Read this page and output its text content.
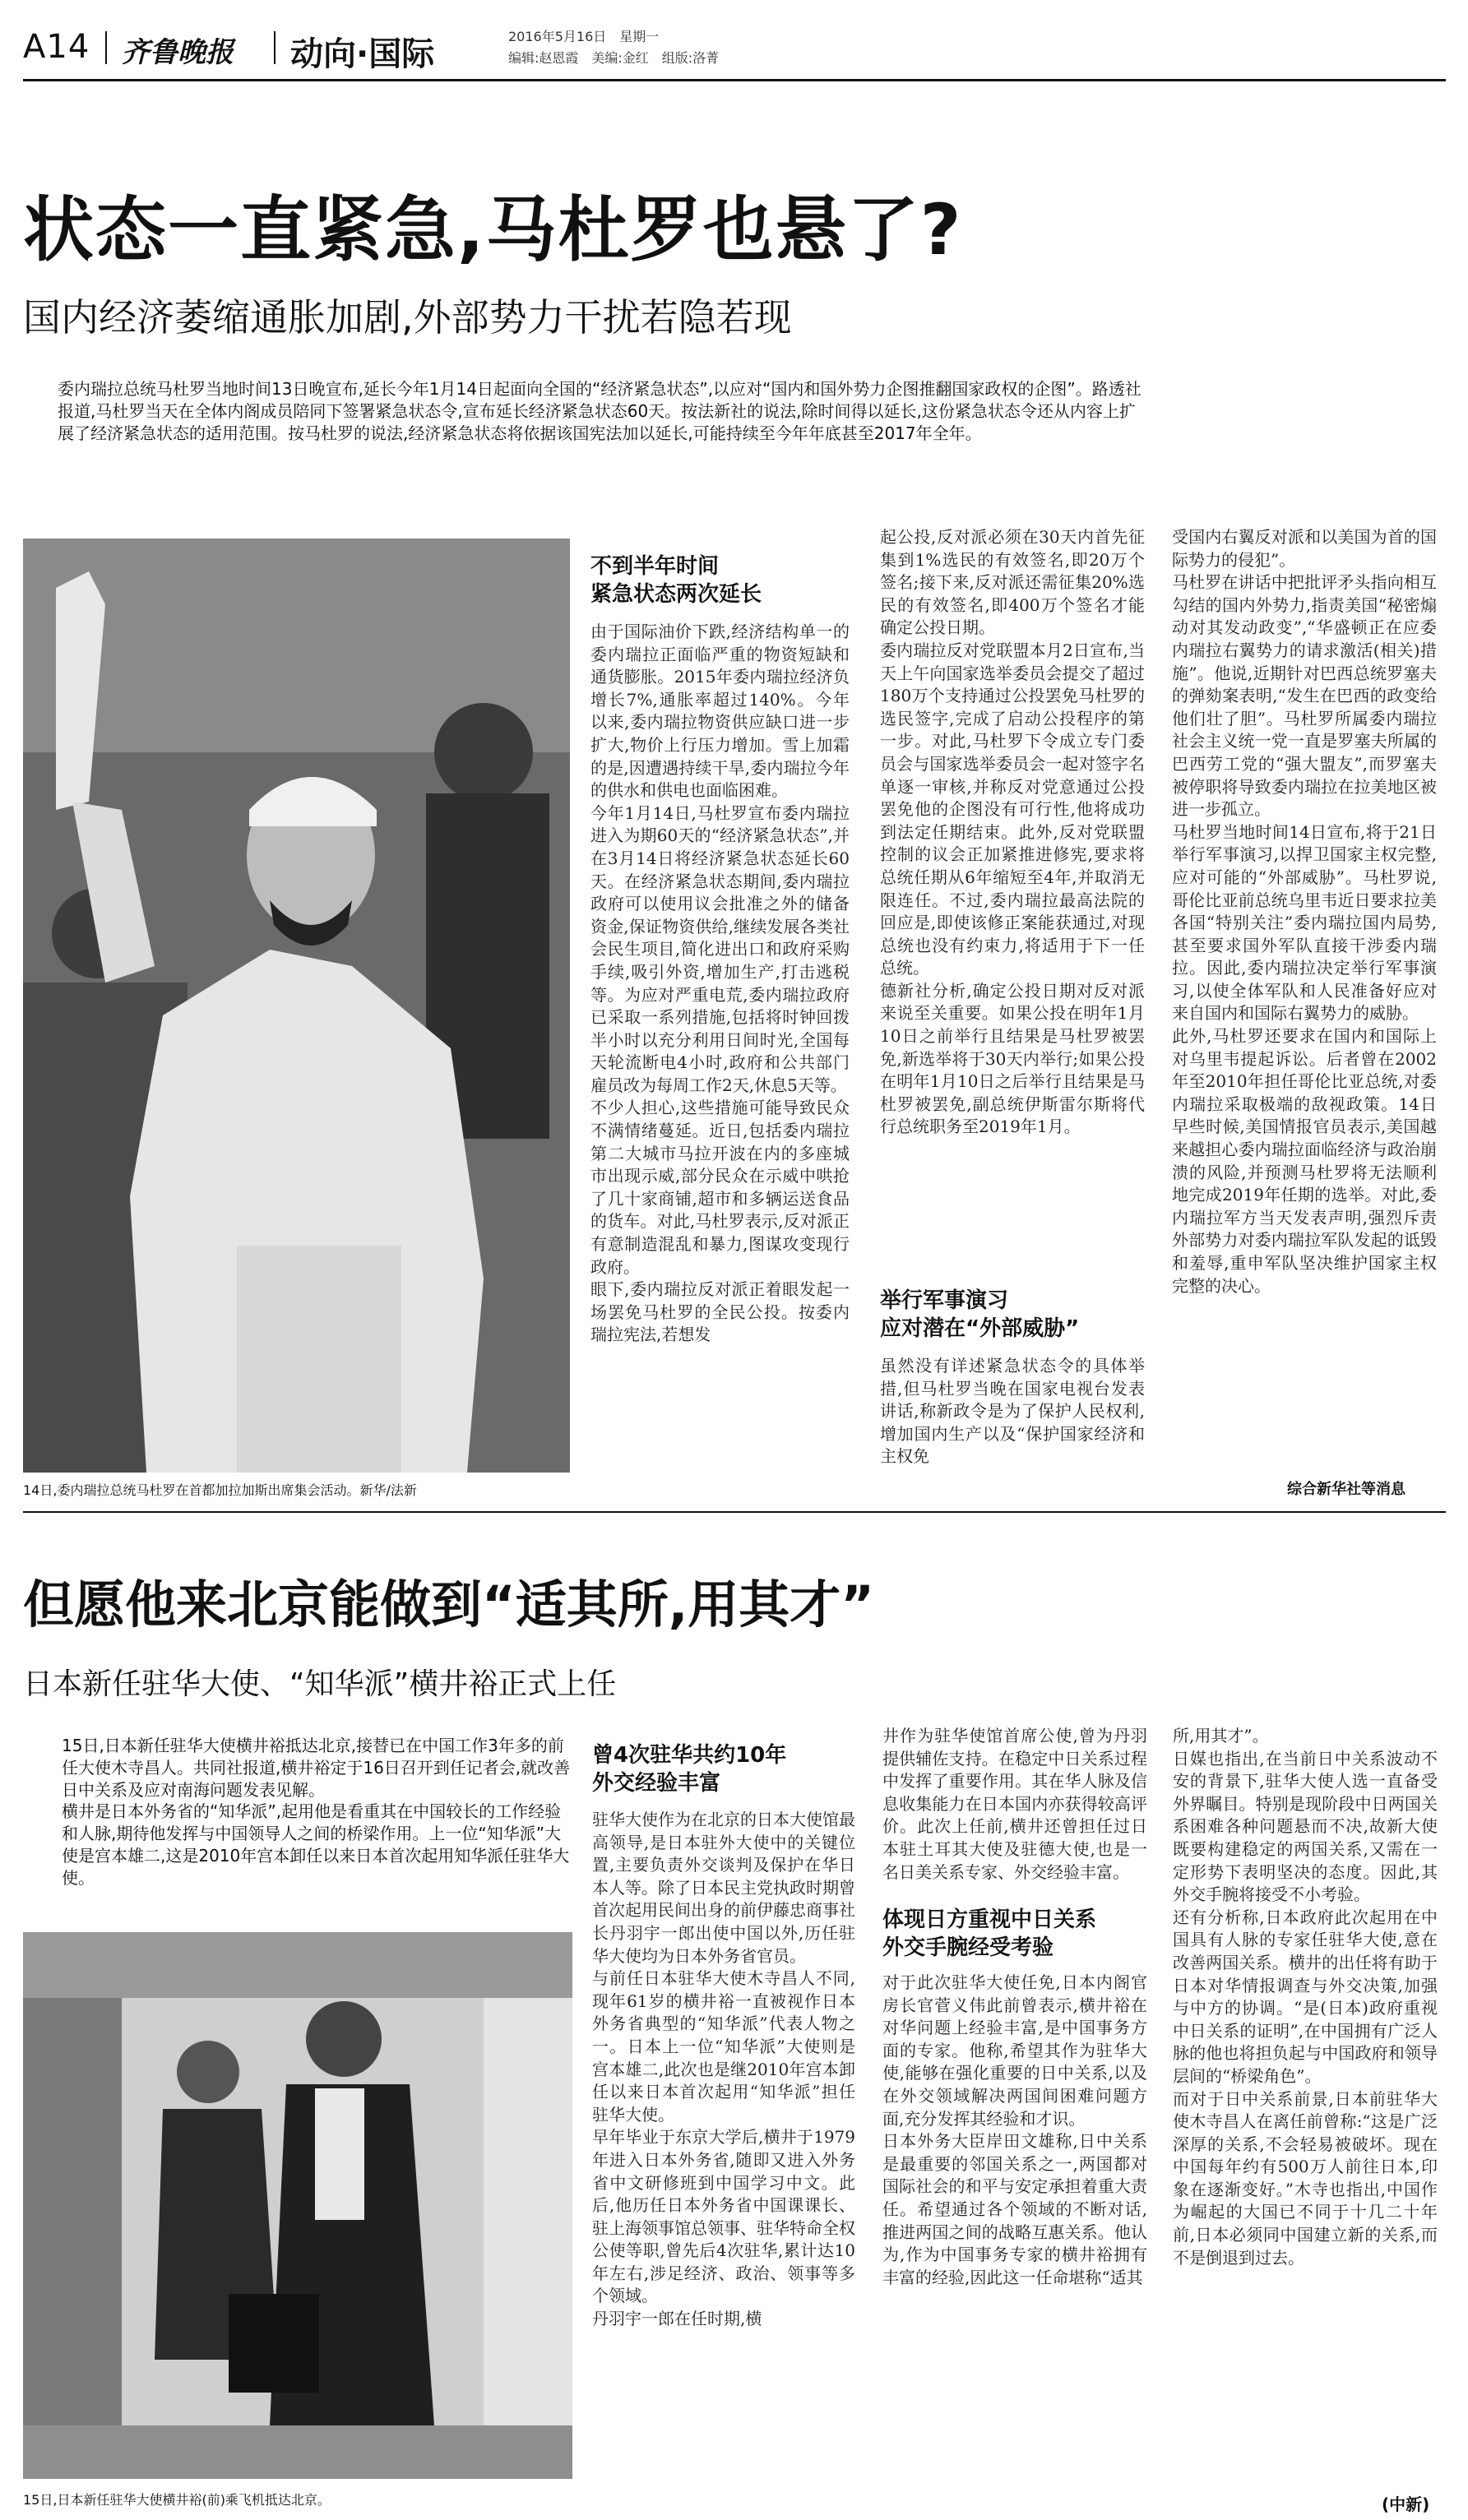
A14 齐鲁晚报 动向·国际	2016年5月16日　星期一
编辑:赵恩霞　美编:金红　组版:洛菁
状态一直紧急,马杜罗也悬了?
国内经济萎缩通胀加剧,外部势力干扰若隐若现
委内瑞拉总统马杜罗当地时间13日晚宣布,延长今年1月14日起面向全国的“经济紧急状态”,以应对“国内和国外势力企图推翻国家政权的企图”。路透社报道,马杜罗当天在全体内阁成员陪同下签署紧急状态令,宣布延长经济紧急状态60天。按法新社的说法,除时间得以延长,这份紧急状态令还从内容上扩展了经济紧急状态的适用范围。按马杜罗的说法,经济紧急状态将依据该国宪法加以延长,可能持续至今年年底甚至2017年全年。
14日,委内瑞拉总统马杜罗在首都加拉加斯出席集会活动。新华/法新
不到半年时间
紧急状态两次延长
由于国际油价下跌,经济结构单一的委内瑞拉正面临严重的物资短缺和通货膨胀。2015年委内瑞拉经济负增长7%,通胀率超过140%。今年以来,委内瑞拉物资供应缺口进一步扩大,物价上行压力增加。雪上加霜的是,因遭遇持续干旱,委内瑞拉今年的供水和供电也面临困难。
今年1月14日,马杜罗宣布委内瑞拉进入为期60天的“经济紧急状态”,并在3月14日将经济紧急状态延长60天。在经济紧急状态期间,委内瑞拉政府可以使用议会批准之外的储备资金,保证物资供给,继续发展各类社会民生项目,简化进出口和政府采购手续,吸引外资,增加生产,打击逃税等。为应对严重电荒,委内瑞拉政府已采取一系列措施,包括将时钟回拨半小时以充分利用日间时光,全国每天轮流断电4小时,政府和公共部门雇员改为每周工作2天,休息5天等。
不少人担心,这些措施可能导致民众不满情绪蔓延。近日,包括委内瑞拉第二大城市马拉开波在内的多座城市出现示威,部分民众在示威中哄抢了几十家商铺,超市和多辆运送食品的货车。对此,马杜罗表示,反对派正有意制造混乱和暴力,图谋攻变现行政府。
眼下,委内瑞拉反对派正着眼发起一场罢免马杜罗的全民公投。按委内瑞拉宪法,若想发
起公投,反对派必须在30天内首先征集到1%选民的有效签名,即20万个签名;接下来,反对派还需征集20%选民的有效签名,即400万个签名才能确定公投日期。
委内瑞拉反对党联盟本月2日宣布,当天上午向国家选举委员会提交了超过180万个支持通过公投罢免马杜罗的选民签字,完成了启动公投程序的第一步。对此,马杜罗下令成立专门委员会与国家选举委员会一起对签字名单逐一审核,并称反对党意通过公投罢免他的企图没有可行性,他将成功到法定任期结束。此外,反对党联盟控制的议会正加紧推进修宪,要求将总统任期从6年缩短至4年,并取消无限连任。不过,委内瑞拉最高法院的回应是,即使该修正案能获通过,对现总统也没有约束力,将适用于下一任总统。
德新社分析,确定公投日期对反对派来说至关重要。如果公投在明年1月10日之前举行且结果是马杜罗被罢免,新选举将于30天内举行;如果公投在明年1月10日之后举行且结果是马杜罗被罢免,副总统伊斯雷尔斯将代行总统职务至2019年1月。
举行军事演习
应对潜在“外部威胁”
虽然没有详述紧急状态令的具体举措,但马杜罗当晚在国家电视台发表讲话,称新政令是为了保护人民权利,增加国内生产以及“保护国家经济和主权免
受国内右翼反对派和以美国为首的国际势力的侵犯”。
马杜罗在讲话中把批评矛头指向相互勾结的国内外势力,指责美国“秘密煽动对其发动政变”,“华盛顿正在应委内瑞拉右翼势力的请求激活(相关)措施”。他说,近期针对巴西总统罗塞夫的弹劾案表明,“发生在巴西的政变给他们壮了胆”。马杜罗所属委内瑞拉社会主义统一党一直是罗塞夫所属的巴西劳工党的“强大盟友”,而罗塞夫被停职将导致委内瑞拉在拉美地区被进一步孤立。
马杜罗当地时间14日宣布,将于21日举行军事演习,以捍卫国家主权完整,应对可能的“外部威胁”。马杜罗说,哥伦比亚前总统乌里韦近日要求拉美各国“特别关注”委内瑞拉国内局势,甚至要求国外军队直接干涉委内瑞拉。因此,委内瑞拉决定举行军事演习,以使全体军队和人民准备好应对来自国内和国际右翼势力的威胁。
此外,马杜罗还要求在国内和国际上对乌里韦提起诉讼。后者曾在2002年至2010年担任哥伦比亚总统,对委内瑞拉采取极端的敌视政策。14日早些时候,美国情报官员表示,美国越来越担心委内瑞拉面临经济与政治崩溃的风险,并预测马杜罗将无法顺利地完成2019年任期的选举。对此,委内瑞拉军方当天发表声明,强烈斥责外部势力对委内瑞拉军队发起的诋毁和羞辱,重申军队坚决维护国家主权完整的决心。
综合新华社等消息
但愿他来北京能做到“适其所,用其才”
日本新任驻华大使、“知华派”横井裕正式上任
15日,日本新任驻华大使横井裕抵达北京,接替已在中国工作3年多的前任大使木寺昌人。共同社报道,横井裕定于16日召开到任记者会,就改善日中关系及应对南海问题发表见解。
横井是日本外务省的“知华派”,起用他是看重其在中国较长的工作经验和人脉,期待他发挥与中国领导人之间的桥梁作用。上一位“知华派”大使是宫本雄二,这是2010年宫本卸任以来日本首次起用知华派任驻华大使。
15日,日本新任驻华大使横井裕(前)乘飞机抵达北京。
曾4次驻华共约10年
外交经验丰富
驻华大使作为在北京的日本大使馆最高领导,是日本驻外大使中的关键位置,主要负责外交谈判及保护在华日本人等。除了日本民主党执政时期曾首次起用民间出身的前伊藤忠商事社长丹羽宇一郎出使中国以外,历任驻华大使均为日本外务省官员。
与前任日本驻华大使木寺昌人不同,现年61岁的横井裕一直被视作日本外务省典型的“知华派”代表人物之一。日本上一位“知华派”大使则是宫本雄二,此次也是继2010年宫本卸任以来日本首次起用“知华派”担任驻华大使。
早年毕业于东京大学后,横井于1979年进入日本外务省,随即又进入外务省中文研修班到中国学习中文。此后,他历任日本外务省中国课课长、驻上海领事馆总领事、驻华特命全权公使等职,曾先后4次驻华,累计达10年左右,涉足经济、政治、领事等多个领域。
丹羽宇一郎在任时期,横
井作为驻华使馆首席公使,曾为丹羽提供辅佐支持。在稳定中日关系过程中发挥了重要作用。其在华人脉及信息收集能力在日本国内亦获得较高评价。此次上任前,横井还曾担任过日本驻土耳其大使及驻德大使,也是一名日美关系专家、外交经验丰富。
体现日方重视中日关系
外交手腕经受考验
对于此次驻华大使任免,日本内阁官房长官菅义伟此前曾表示,横井裕在对华问题上经验丰富,是中国事务方面的专家。他称,希望其作为驻华大使,能够在强化重要的日中关系,以及在外交领域解决两国间困难问题方面,充分发挥其经验和才识。
日本外务大臣岸田文雄称,日中关系是最重要的邻国关系之一,两国都对国际社会的和平与安定承担着重大责任。希望通过各个领域的不断对话,推进两国之间的战略互惠关系。他认为,作为中国事务专家的横井裕拥有丰富的经验,因此这一任命堪称“适其
所,用其才”。
日媒也指出,在当前日中关系波动不安的背景下,驻华大使人选一直备受外界瞩目。特别是现阶段中日两国关系困难各种问题悬而不决,故新大使既要构建稳定的两国关系,又需在一定形势下表明坚决的态度。因此,其外交手腕将接受不小考验。
还有分析称,日本政府此次起用在中国具有人脉的专家任驻华大使,意在改善两国关系。横井的出任将有助于日本对华情报调查与外交决策,加强与中方的协调。“是(日本)政府重视中日关系的证明”,在中国拥有广泛人脉的他也将担负起与中国政府和领导层间的“桥梁角色”。
而对于日中关系前景,日本前驻华大使木寺昌人在离任前曾称:“这是广泛深厚的关系,不会轻易被破坏。现在中国每年约有500万人前往日本,印象在逐渐变好。”木寺也指出,中国作为崛起的大国已不同于十几二十年前,日本必须同中国建立新的关系,而不是倒退到过去。
(中新)
